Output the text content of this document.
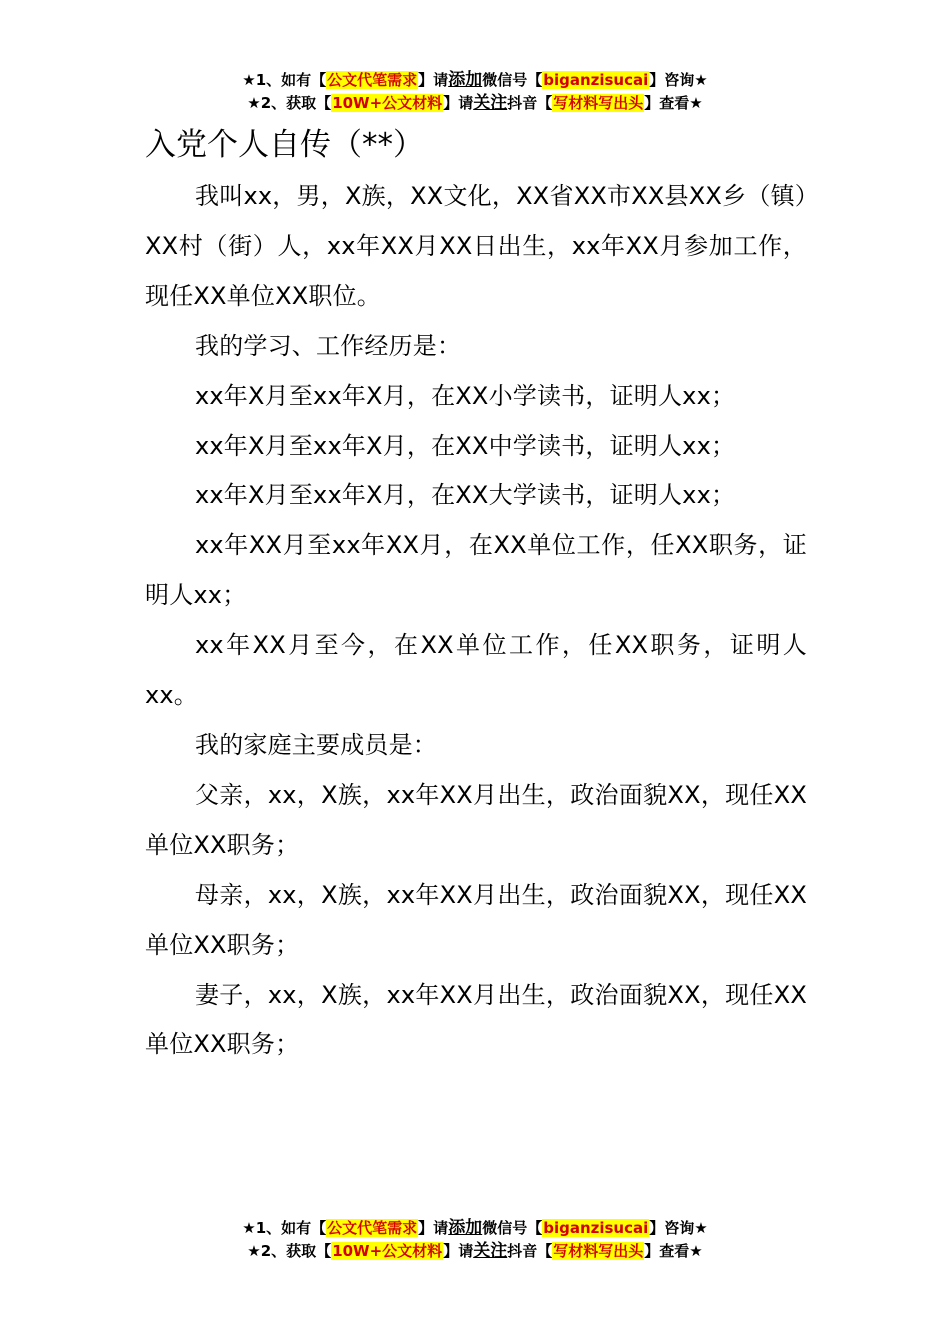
★1、如有【公文代笔需求】请添加微信号【biganzisucai】咨询★
★2、获取【10W+公文材料】请关注抖音【写材料写出头】查看★
入党个人自传（**）

我叫xx，男，X族，XX文化，XX省XX市XX县XX乡（镇）XX村（街）人，xx年XX月XX日出生，xx年XX月参加工作，现任XX单位XX职位。

我的学习、工作经历是：

xx年X月至xx年X月，在XX小学读书，证明人xx；

xx年X月至xx年X月，在XX中学读书，证明人xx；

xx年X月至xx年X月，在XX大学读书，证明人xx；

xx年XX月至xx年XX月，在XX单位工作，任XX职务，证明人xx；

xx年XX月至今，在XX单位工作，任XX职务，证明人xx。

我的家庭主要成员是：

父亲，xx，X族，xx年XX月出生，政治面貌XX，现任XX单位XX职务；

母亲，xx，X族，xx年XX月出生，政治面貌XX，现任XX单位XX职务；

妻子，xx，X族，xx年XX月出生，政治面貌XX，现任XX单位XX职务；

★1、如有【公文代笔需求】请添加微信号【biganzisucai】咨询★
★2、获取【10W+公文材料】请关注抖音【写材料写出头】查看★
